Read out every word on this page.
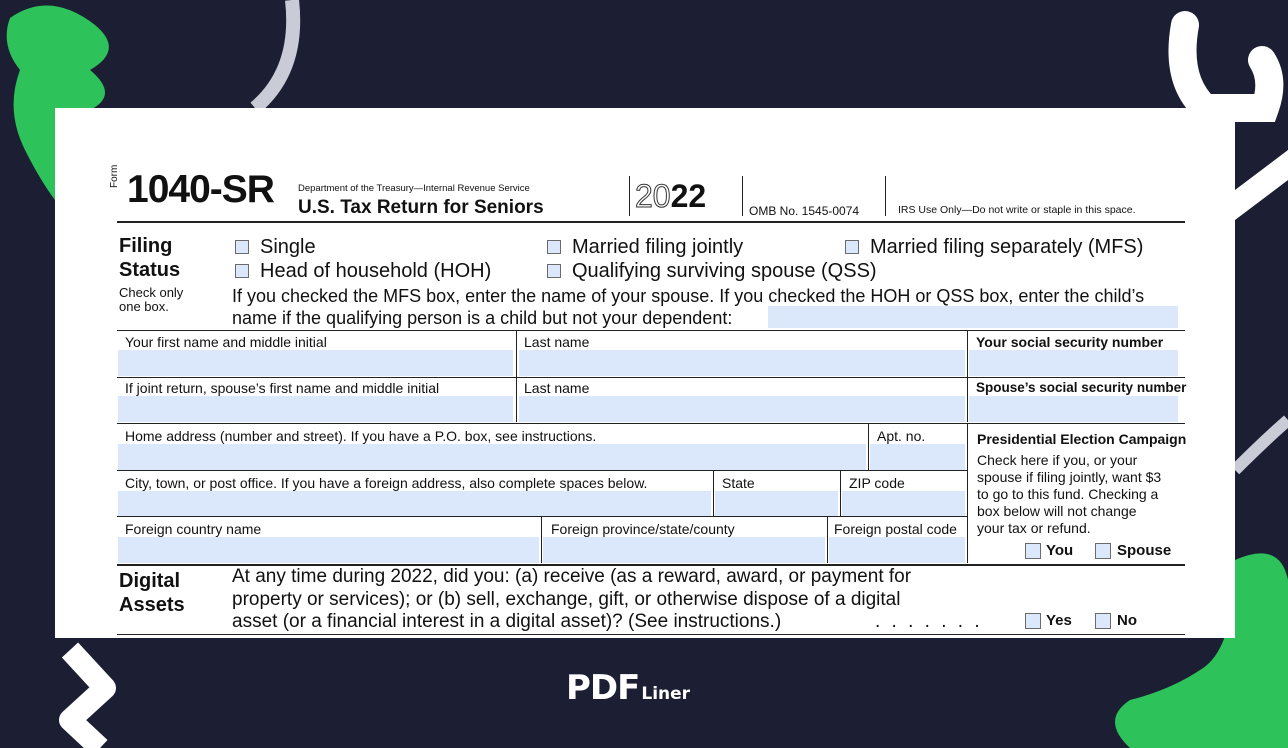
Form 1040-SR	Department of the Treasury—Internal Revenue Service
U.S. Tax Return for Seniors	2022	OMB No. 1545-0074	IRS Use Only—Do not write or staple in this space.
Filing
Status
Check only
one box.
Single	Married filing jointly	Married filing separately (MFS)
Head of household (HOH)	Qualifying surviving spouse (QSS)
If you checked the MFS box, enter the name of your spouse. If you checked the HOH or QSS box, enter the child’s
name if the qualifying person is a child but not your dependent:
Your first name and middle initial	Last name	Your social security number
If joint return, spouse’s first name and middle initial	Last name	Spouse’s social security number
Home address (number and street). If you have a P.O. box, see instructions.	Apt. no.
City, town, or post office. If you have a foreign address, also complete spaces below.	State	ZIP code
Foreign country name	Foreign province/state/county	Foreign postal code
Presidential Election Campaign
Check here if you, or your
spouse if filing jointly, want $3
to go to this fund. Checking a
box below will not change
your tax or refund.
You	Spouse
Digital
Assets
At any time during 2022, did you: (a) receive (as a reward, award, or payment for
property or services); or (b) sell, exchange, gift, or otherwise dispose of a digital
asset (or a financial interest in a digital asset)? (See instructions.)	. . . . . . .	Yes	No
PDF Liner
